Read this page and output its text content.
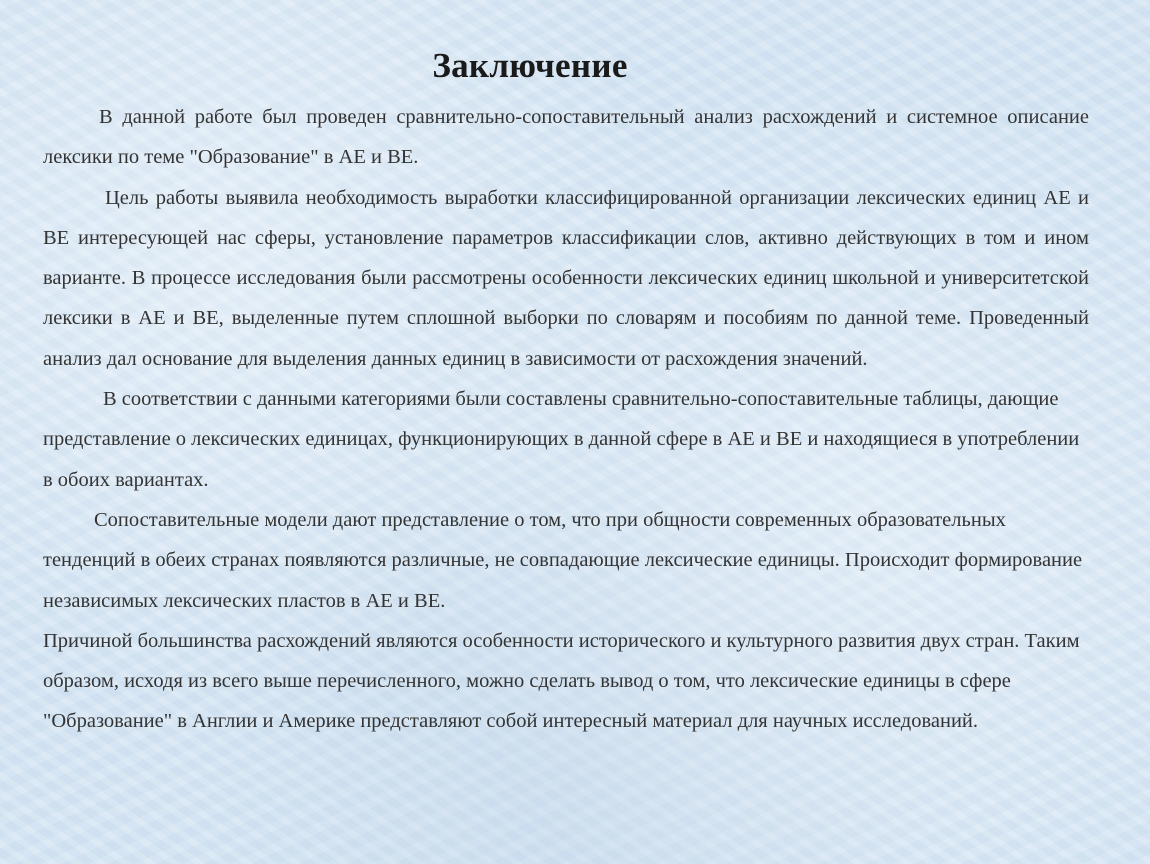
Заключение

В данной работе был проведен сравнительно-сопоставительный анализ расхождений и системное описание лексики по теме "Образование" в АЕ и ВЕ.

Цель работы выявила необходимость выработки классифицированной организации лексических единиц АЕ и ВЕ интересующей нас сферы, установление параметров классификации слов, активно действующих в том и ином варианте. В процессе исследования были рассмотрены особенности лексических единиц школьной и университетской лексики в АЕ и ВЕ, выделенные путем сплошной выборки по словарям и пособиям по данной теме. Проведенный анализ дал основание для выделения данных единиц в зависимости от расхождения значений.

В соответствии с данными категориями были составлены сравнительно-сопоставительные таблицы, дающие представление о лексических единицах, функционирующих в данной сфере в АЕ и ВЕ и находящиеся в употреблении в обоих вариантах.

Сопоставительные модели дают представление о том, что при общности современных образовательных тенденций в обеих странах появляются различные, не совпадающие лексические единицы. Происходит формирование независимых лексических пластов в АЕ и ВЕ.

Причиной большинства расхождений являются особенности исторического и культурного развития двух стран. Таким образом, исходя из всего выше перечисленного, можно сделать вывод о том, что лексические единицы в сфере "Образование" в Англии и Америке представляют собой интересный материал для научных исследований.
